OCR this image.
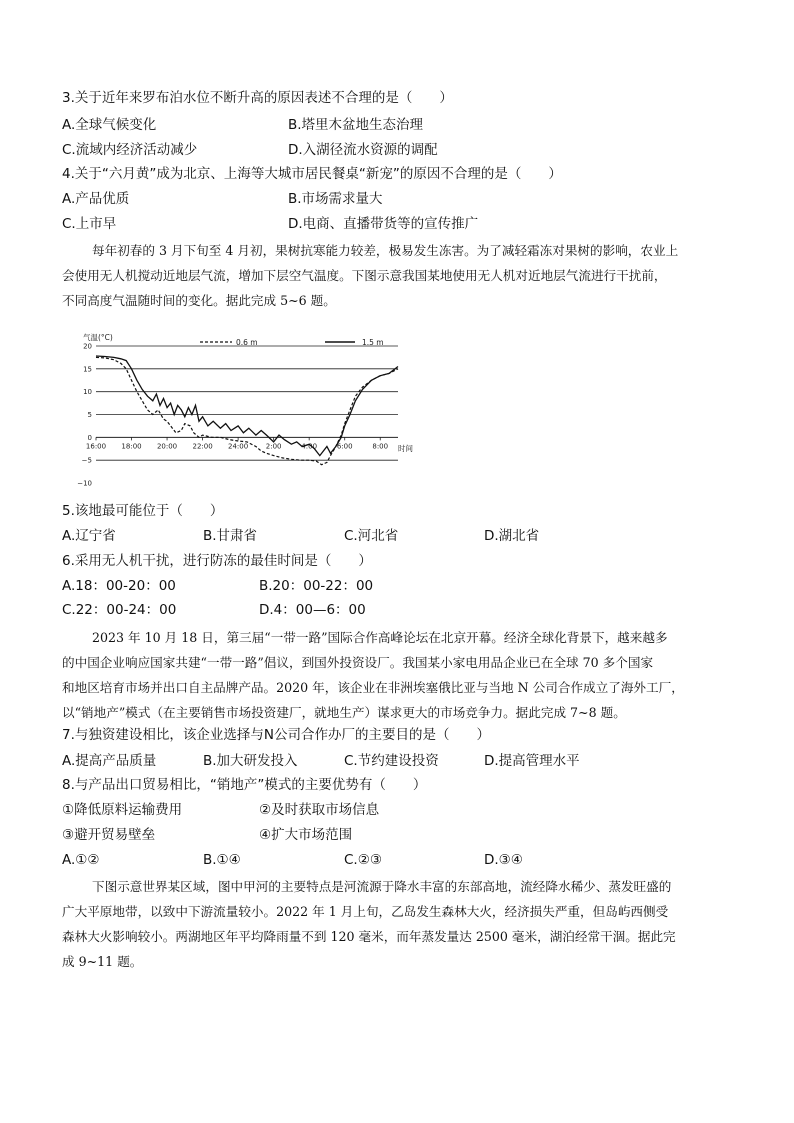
3.关于近年来罗布泊水位不断升高的原因表述不合理的是（　　）
A.全球气候变化	B.塔里木盆地生态治理
C.流域内经济活动减少	D.入湖径流水资源的调配
4.关于“六月黄”成为北京、上海等大城市居民餐桌“新宠”的原因不合理的是（　　）
A.产品优质	B.市场需求量大
C.上市早	D.电商、直播带货等的宣传推广
每年初春的 3 月下旬至 4 月初，果树抗寒能力较差，极易发生冻害。为了减轻霜冻对果树的影响，农业上
会使用无人机搅动近地层气流，增加下层空气温度。下图示意我国某地使用无人机对近地层气流进行干扰前，
不同高度气温随时间的变化。据此完成 5~6 题。
气温(°C)
20
15
10
5
0
−5
−10
16:00 18:00 20:00 22:00 24:00	2:00	4:00	6:00	8:00 时间
0.6 m	1.5 m
5.该地最可能位于（　　）
A.辽宁省	B.甘肃省	C.河北省	D.湖北省
6.采用无人机干扰，进行防冻的最佳时间是（　　）
A.18：00-20：00	B.20：00-22：00
C.22：00-24：00	D.4：00—6：00
2023 年 10 月 18 日，第三届“一带一路”国际合作高峰论坛在北京开幕。经济全球化背景下，越来越多
的中国企业响应国家共建“一带一路”倡议，到国外投资设厂。我国某小家电用品企业已在全球 70 多个国家
和地区培育市场并出口自主品牌产品。2020 年，该企业在非洲埃塞俄比亚与当地 N 公司合作成立了海外工厂，
以“销地产”模式（在主要销售市场投资建厂，就地生产）谋求更大的市场竞争力。据此完成 7~8 题。
7.与独资建设相比，该企业选择与N公司合作办厂的主要目的是（　　）
A.提高产品质量	B.加大研发投入	C.节约建设投资	D.提高管理水平
8.与产品出口贸易相比，“销地产”模式的主要优势有（　　）
①降低原料运输费用	②及时获取市场信息
③避开贸易壁垒	④扩大市场范围
A.①②	B.①④	C.②③	D.③④
下图示意世界某区域，图中甲河的主要特点是河流源于降水丰富的东部高地，流经降水稀少、蒸发旺盛的
广大平原地带，以致中下游流量较小。2022 年 1 月上旬，乙岛发生森林大火，经济损失严重，但岛屿西侧受
森林大火影响较小。两湖地区年平均降雨量不到 120 毫米，而年蒸发量达 2500 毫米，湖泊经常干涸。据此完
成 9~11 题。
